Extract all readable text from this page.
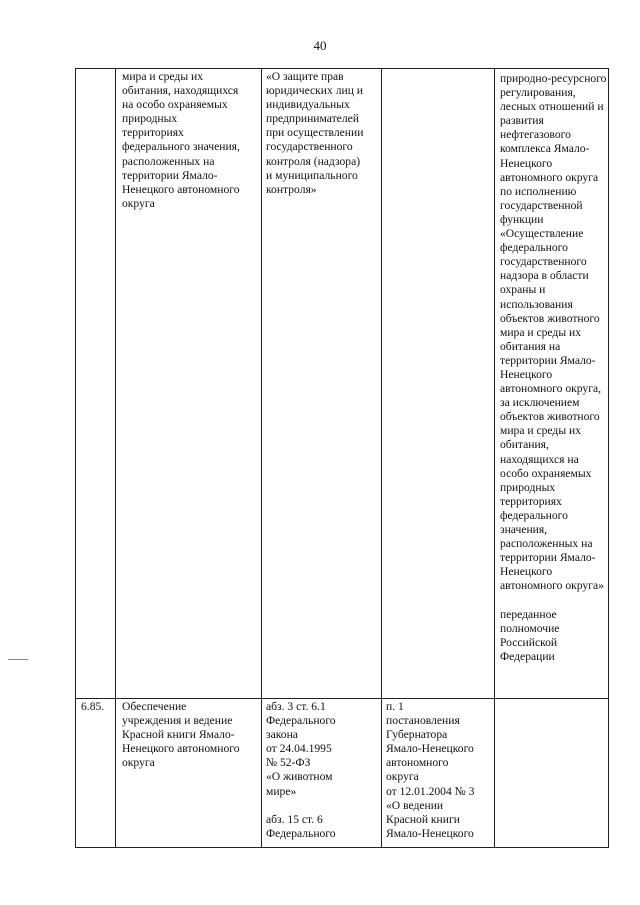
40
мира и среды их
обитания, находящихся
на особо охраняемых
природных
территориях
федерального значения,
расположенных на
территории Ямало-
Ненецкого автономного
округа
«О защите прав
юридических лиц и
индивидуальных
предпринимателей
при осуществлении
государственного
контроля (надзора)
и муниципального
контроля»
природно-ресурсного
регулирования,
лесных отношений и
развития
нефтегазового
комплекса Ямало-
Ненецкого
автономного округа
по исполнению
государственной
функции
«Осуществление
федерального
государственного
надзора в области
охраны и
использования
объектов животного
мира и среды их
обитания на
территории Ямало-
Ненецкого
автономного округа,
за исключением
объектов животного
мира и среды их
обитания,
находящихся на
особо охраняемых
природных
территориях
федерального
значения,
расположенных на
территории Ямало-
Ненецкого
автономного округа»
переданное
полномочие
Российской
Федерации
6.85.	Обеспечение
учреждения и ведение
Красной книги Ямало-
Ненецкого автономного
округа
абз. 3 ст. 6.1
Федерального
закона
от 24.04.1995
№ 52-ФЗ
«О животном
мире»
абз. 15 ст. 6
Федерального
п. 1
постановления
Губернатора
Ямало-Ненецкого
автономного
округа
от 12.01.2004 № 3
«О ведении
Красной книги
Ямало-Ненецкого
